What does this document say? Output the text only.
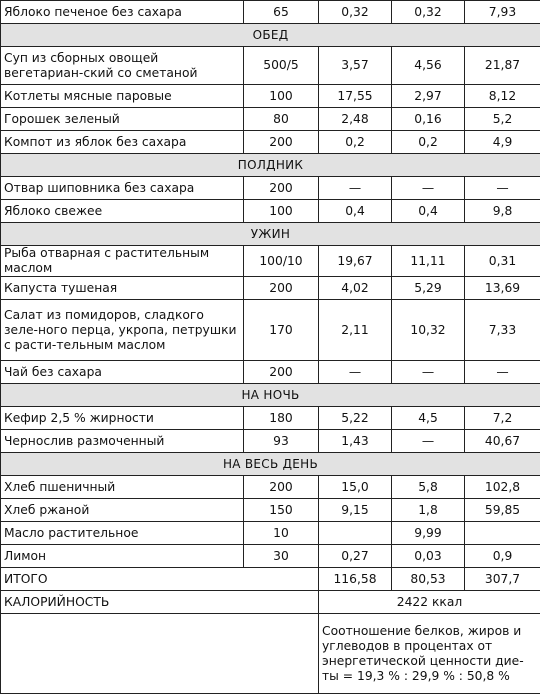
Яблоко печеное без сахара	65	0,32	0,32	7,93
ОБЕД				
Суп из сборных овощей вегетариан-ский со сметаной	500/5	3,57	4,56	21,87
Котлеты мясные паровые	100	17,55	2,97	8,12
Горошек зеленый	80	2,48	0,16	5,2
Компот из яблок без сахара	200	0,2	0,2	4,9
ПОЛДНИК				
Отвар шиповника без сахара	200	—	—	—
Яблоко свежее	100	0,4	0,4	9,8
УЖИН				
Рыба отварная с растительным маслом	100/10	19,67	11,11	0,31
Капуста тушеная	200	4,02	5,29	13,69
Салат из помидоров, сладкого зеле-ного перца, укропа, петрушки с расти-тельным маслом	170	2,11	10,32	7,33
Чай без сахара	200	—	—	—
НА НОЧЬ				
Кефир 2,5 % жирности	180	5,22	4,5	7,2
Чернослив размоченный	93	1,43	—	40,67
НА ВЕСЬ ДЕНЬ				
Хлеб пшеничный	200	15,0	5,8	102,8
Хлеб ржаной	150	9,15	1,8	59,85
Масло растительное	10		9,99	
Лимон	30	0,27	0,03	0,9
ИТОГО		116,58	80,53	307,7
КАЛОРИЙНОСТЬ		2422 ккал		
		Соотношение белков, жиров и углеводов в процентах от энергетической ценности дие-ты = 19,3 % : 29,9 % : 50,8 %		
